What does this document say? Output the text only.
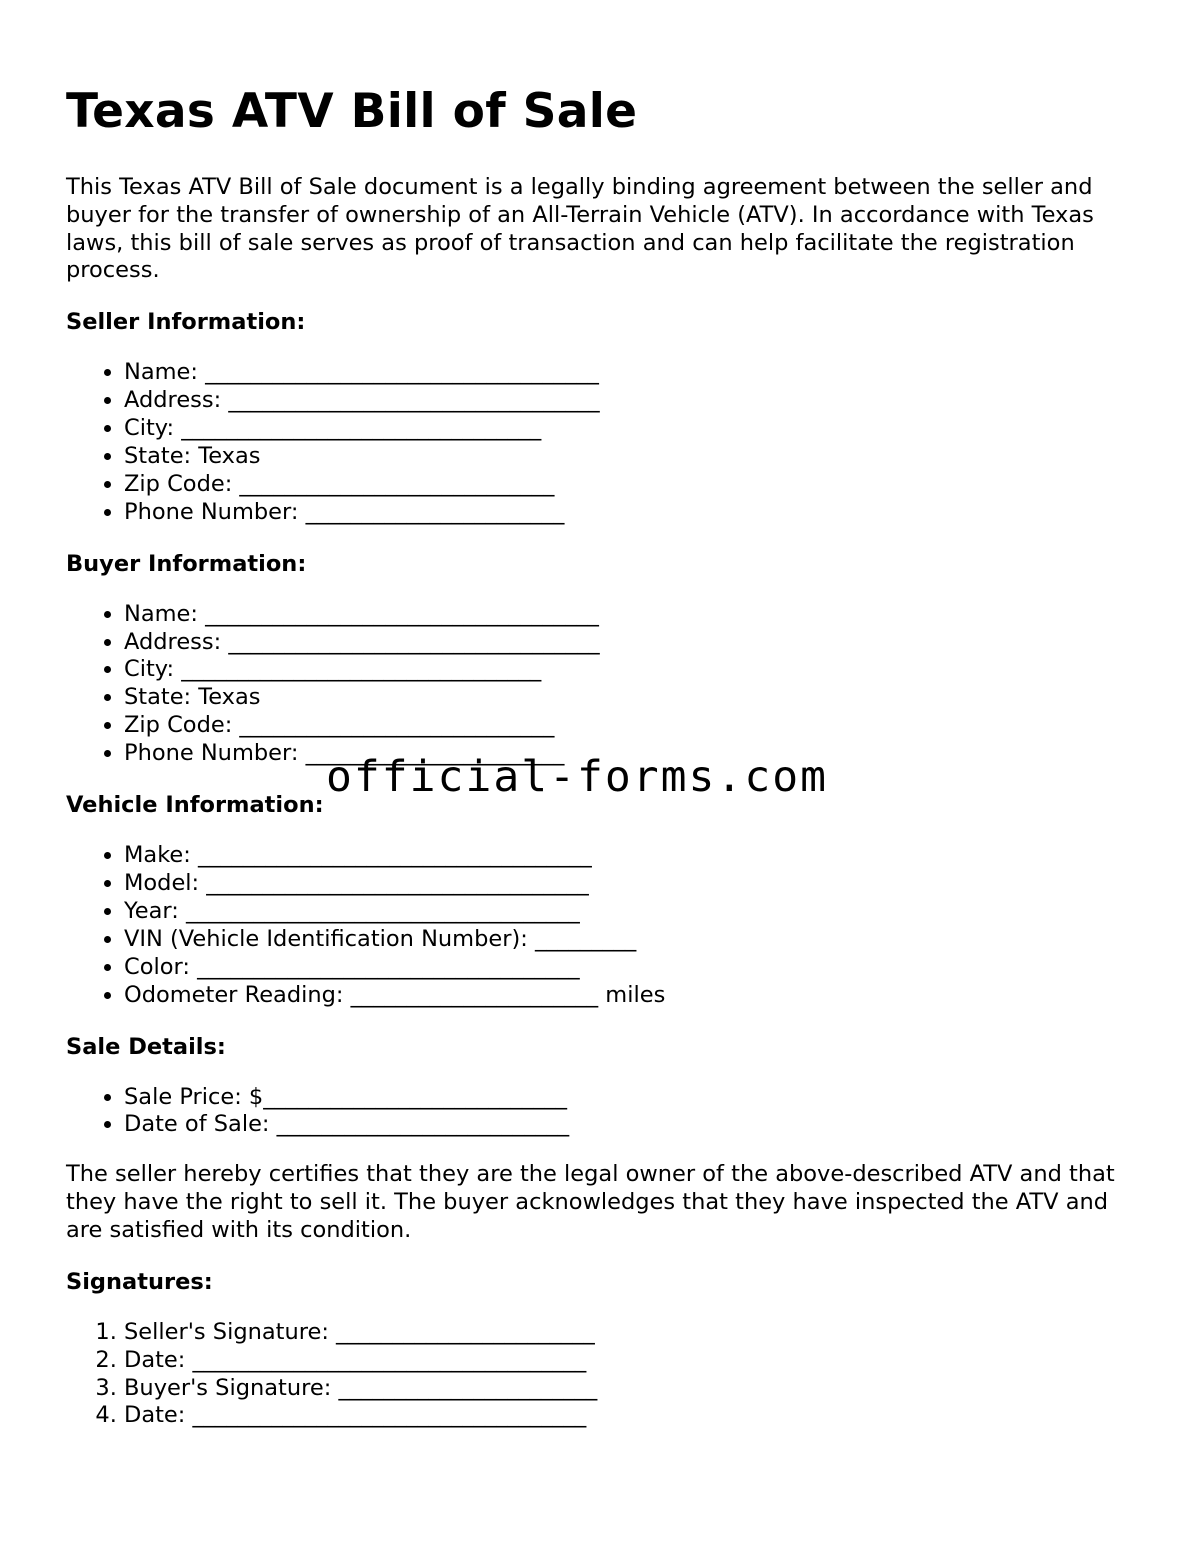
Texas ATV Bill of Sale

This Texas ATV Bill of Sale document is a legally binding agreement between the seller and buyer for the transfer of ownership of an All-Terrain Vehicle (ATV). In accordance with Texas laws, this bill of sale serves as proof of transaction and can help facilitate the registration process.

Seller Information:
• Name: ___________________________________
• Address: _________________________________
• City: ________________________________
• State: Texas
• Zip Code: ____________________________
• Phone Number: _______________________
Buyer Information:
• Name: ___________________________________
• Address: _________________________________
• City: ________________________________
• State: Texas
• Zip Code: ____________________________
• Phone Number: _______________________
Vehicle Information:
• Make: ___________________________________
• Model: __________________________________
• Year: ___________________________________
• VIN (Vehicle Identification Number): _________
• Color: __________________________________
• Odometer Reading: ______________________ miles
Sale Details:
• Sale Price: $___________________________
• Date of Sale: __________________________

The seller hereby certifies that they are the legal owner of the above-described ATV and that they have the right to sell it. The buyer acknowledges that they have inspected the ATV and are satisfied with its condition.

Signatures:
1. Seller's Signature: _______________________
2. Date: ___________________________________
3. Buyer's Signature: _______________________
4. Date: ___________________________________
official-forms.com
